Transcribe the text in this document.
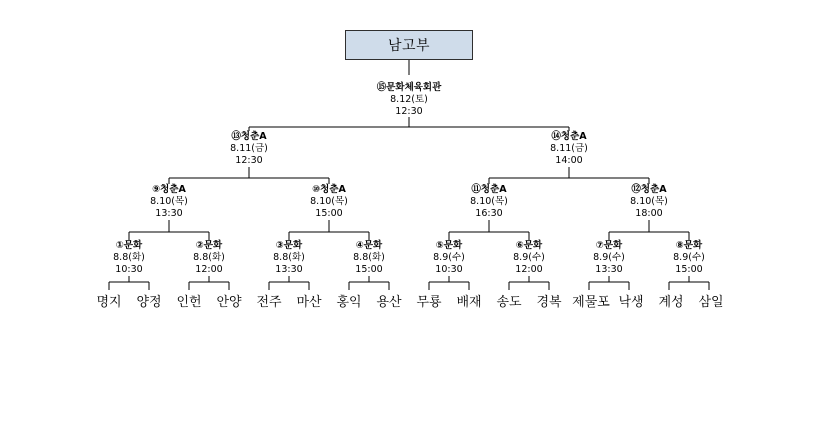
남고부
⑮문화체육회관
8.12(토)
12:30
⑬청춘A
8.11(금)
12:30
⑭청춘A
8.11(금)
14:00
⑨청춘A
8.10(목)
13:30
⑩청춘A
8.10(목)
15:00
⑪청춘A
8.10(목)
16:30
⑫청춘A
8.10(목)
18:00
①문화
8.8(화)
10:30
②문화
8.8(화)
12:00
③문화
8.8(화)
13:30
④문화
8.8(화)
15:00
⑤문화
8.9(수)
10:30
⑥문화
8.9(수)
12:00
⑦문화
8.9(수)
13:30
⑧문화
8.9(수)
15:00
명지 양정 인헌 안양 전주 마산 홍익 용산 무룡 배재 송도 경복 제물포 낙생 계성 삼일
